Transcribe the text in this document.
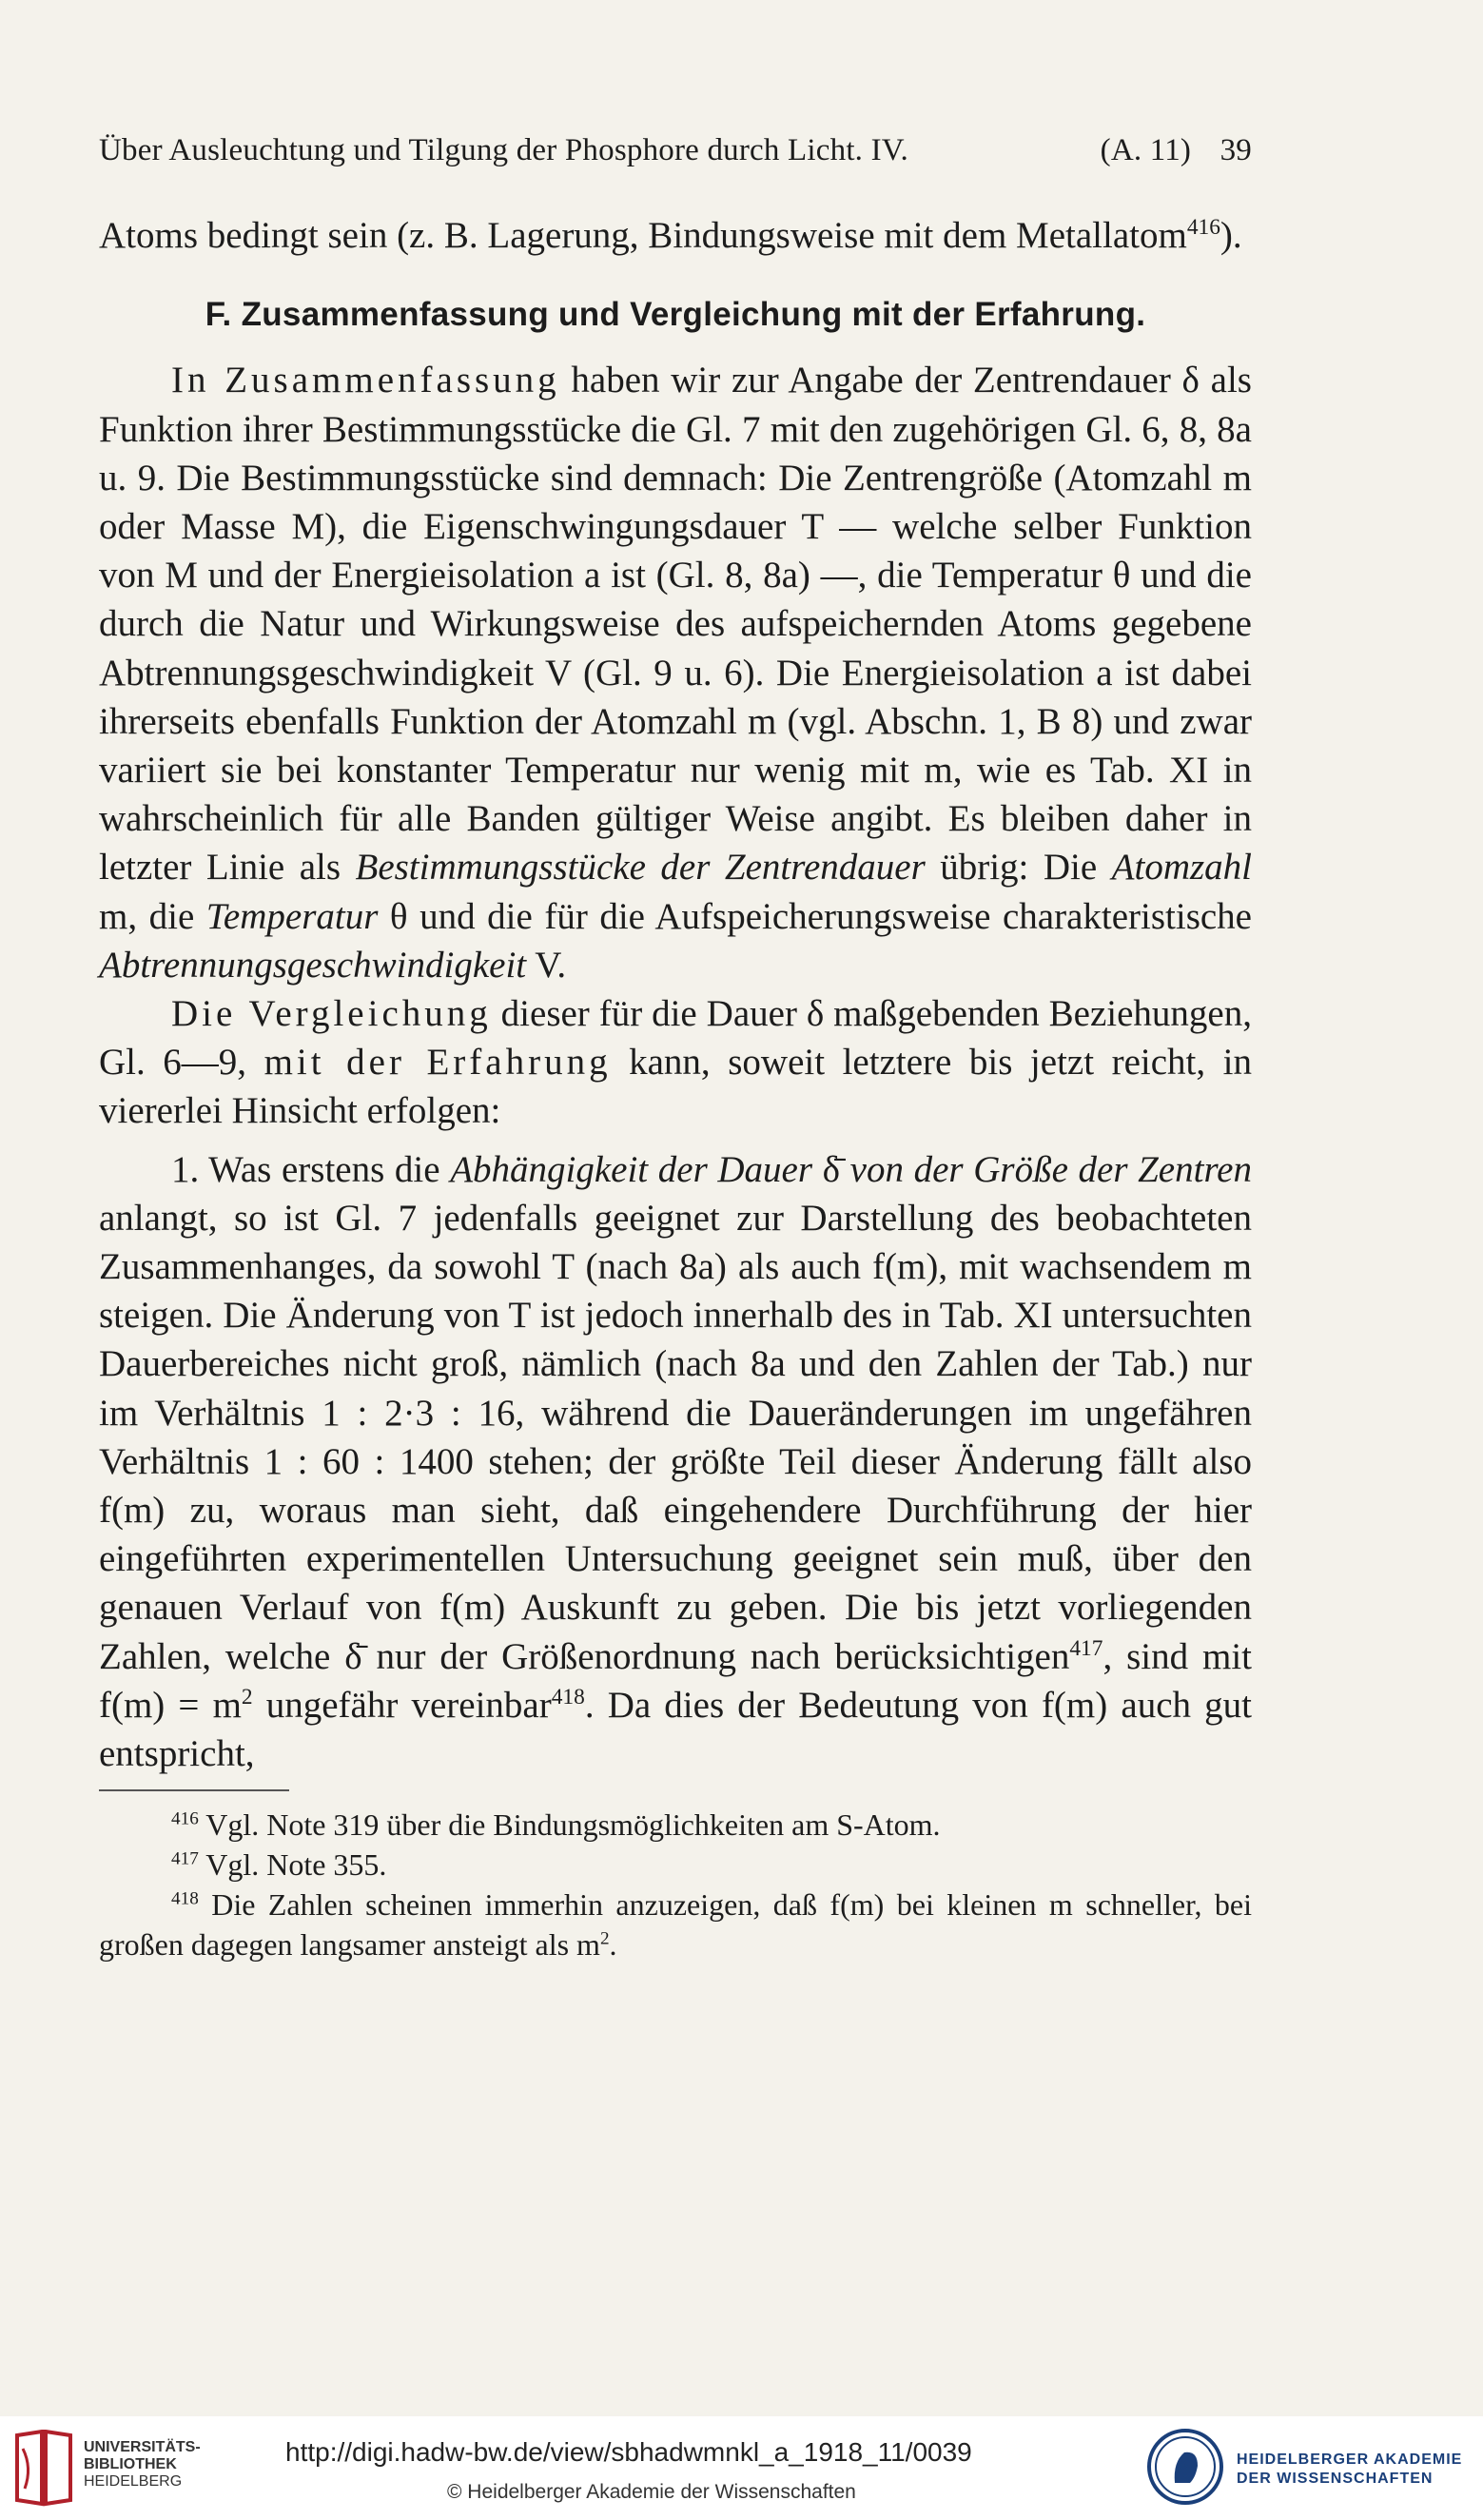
Über Ausleuchtung und Tilgung der Phosphore durch Licht. IV.	(A. 11) 39

Atoms bedingt sein (z. B. Lagerung, Bindungsweise mit dem Metallatom$^{416}$).

F. Zusammenfassung und Vergleichung mit der Erfahrung.

In Zusammenfassung haben wir zur Angabe der Zentrendauer δ als Funktion ihrer Bestimmungsstücke die Gl. 7 mit den zugehörigen Gl. 6, 8, 8a u. 9. Die Bestimmungsstücke sind demnach: Die Zentrengröße (Atomzahl m oder Masse M), die Eigenschwingungsdauer T — welche selber Funktion von M und der Energieisolation a ist (Gl. 8, 8a) —, die Temperatur θ und die durch die Natur und Wirkungsweise des aufspeichernden Atoms gegebene Abtrennungsgeschwindigkeit V (Gl. 9 u. 6). Die Energieisolation a ist dabei ihrerseits ebenfalls Funktion der Atomzahl m (vgl. Abschn. 1, B 8) und zwar variiert sie bei konstanter Temperatur nur wenig mit m, wie es Tab. XI in wahrscheinlich für alle Banden gültiger Weise angibt. Es bleiben daher in letzter Linie als Bestimmungsstücke der Zentrendauer übrig: Die Atomzahl m, die Temperatur θ und die für die Aufspeicherungsweise charakteristische Abtrennungsgeschwindigkeit V.

Die Vergleichung dieser für die Dauer δ maßgebenden Beziehungen, Gl. 6—9, mit der Erfahrung kann, soweit letztere bis jetzt reicht, in viererlei Hinsicht erfolgen:

1. Was erstens die Abhängigkeit der Dauer δ̄ von der Größe der Zentren anlangt, so ist Gl. 7 jedenfalls geeignet zur Darstellung des beobachteten Zusammenhanges, da sowohl T (nach 8a) als auch f(m), mit wachsendem m steigen. Die Änderung von T ist jedoch innerhalb des in Tab. XI untersuchten Dauerbereiches nicht groß, nämlich (nach 8a und den Zahlen der Tab.) nur im Verhältnis 1 : 2·3 : 16, während die Daueränderungen im ungefähren Verhältnis 1 : 60 : 1400 stehen; der größte Teil dieser Änderung fällt also f(m) zu, woraus man sieht, daß eingehendere Durchführung der hier eingeführten experimentellen Untersuchung geeignet sein muß, über den genauen Verlauf von f(m) Auskunft zu geben. Die bis jetzt vorliegenden Zahlen, welche δ̄ nur der Größenordnung nach berücksichtigen$^{417}$, sind mit $f(m) = m^2$ ungefähr vereinbar$^{418}$. Da dies der Bedeutung von f(m) auch gut entspricht,

$^{416}$ Vgl. Note 319 über die Bindungsmöglichkeiten am S-Atom.

$^{417}$ Vgl. Note 355.

$^{418}$ Die Zahlen scheinen immerhin anzuzeigen, daß f(m) bei kleinen m schneller, bei großen dagegen langsamer ansteigt als $m^2$.

UNIVERSITÄTS-
BIBLIOTHEK
HEIDELBERG
http://digi.hadw-bw.de/view/sbhadwmnkl_a_1918_11/0039
© Heidelberger Akademie der Wissenschaften
HEIDELBERGER AKADEMIE
DER WISSENSCHAFTEN
